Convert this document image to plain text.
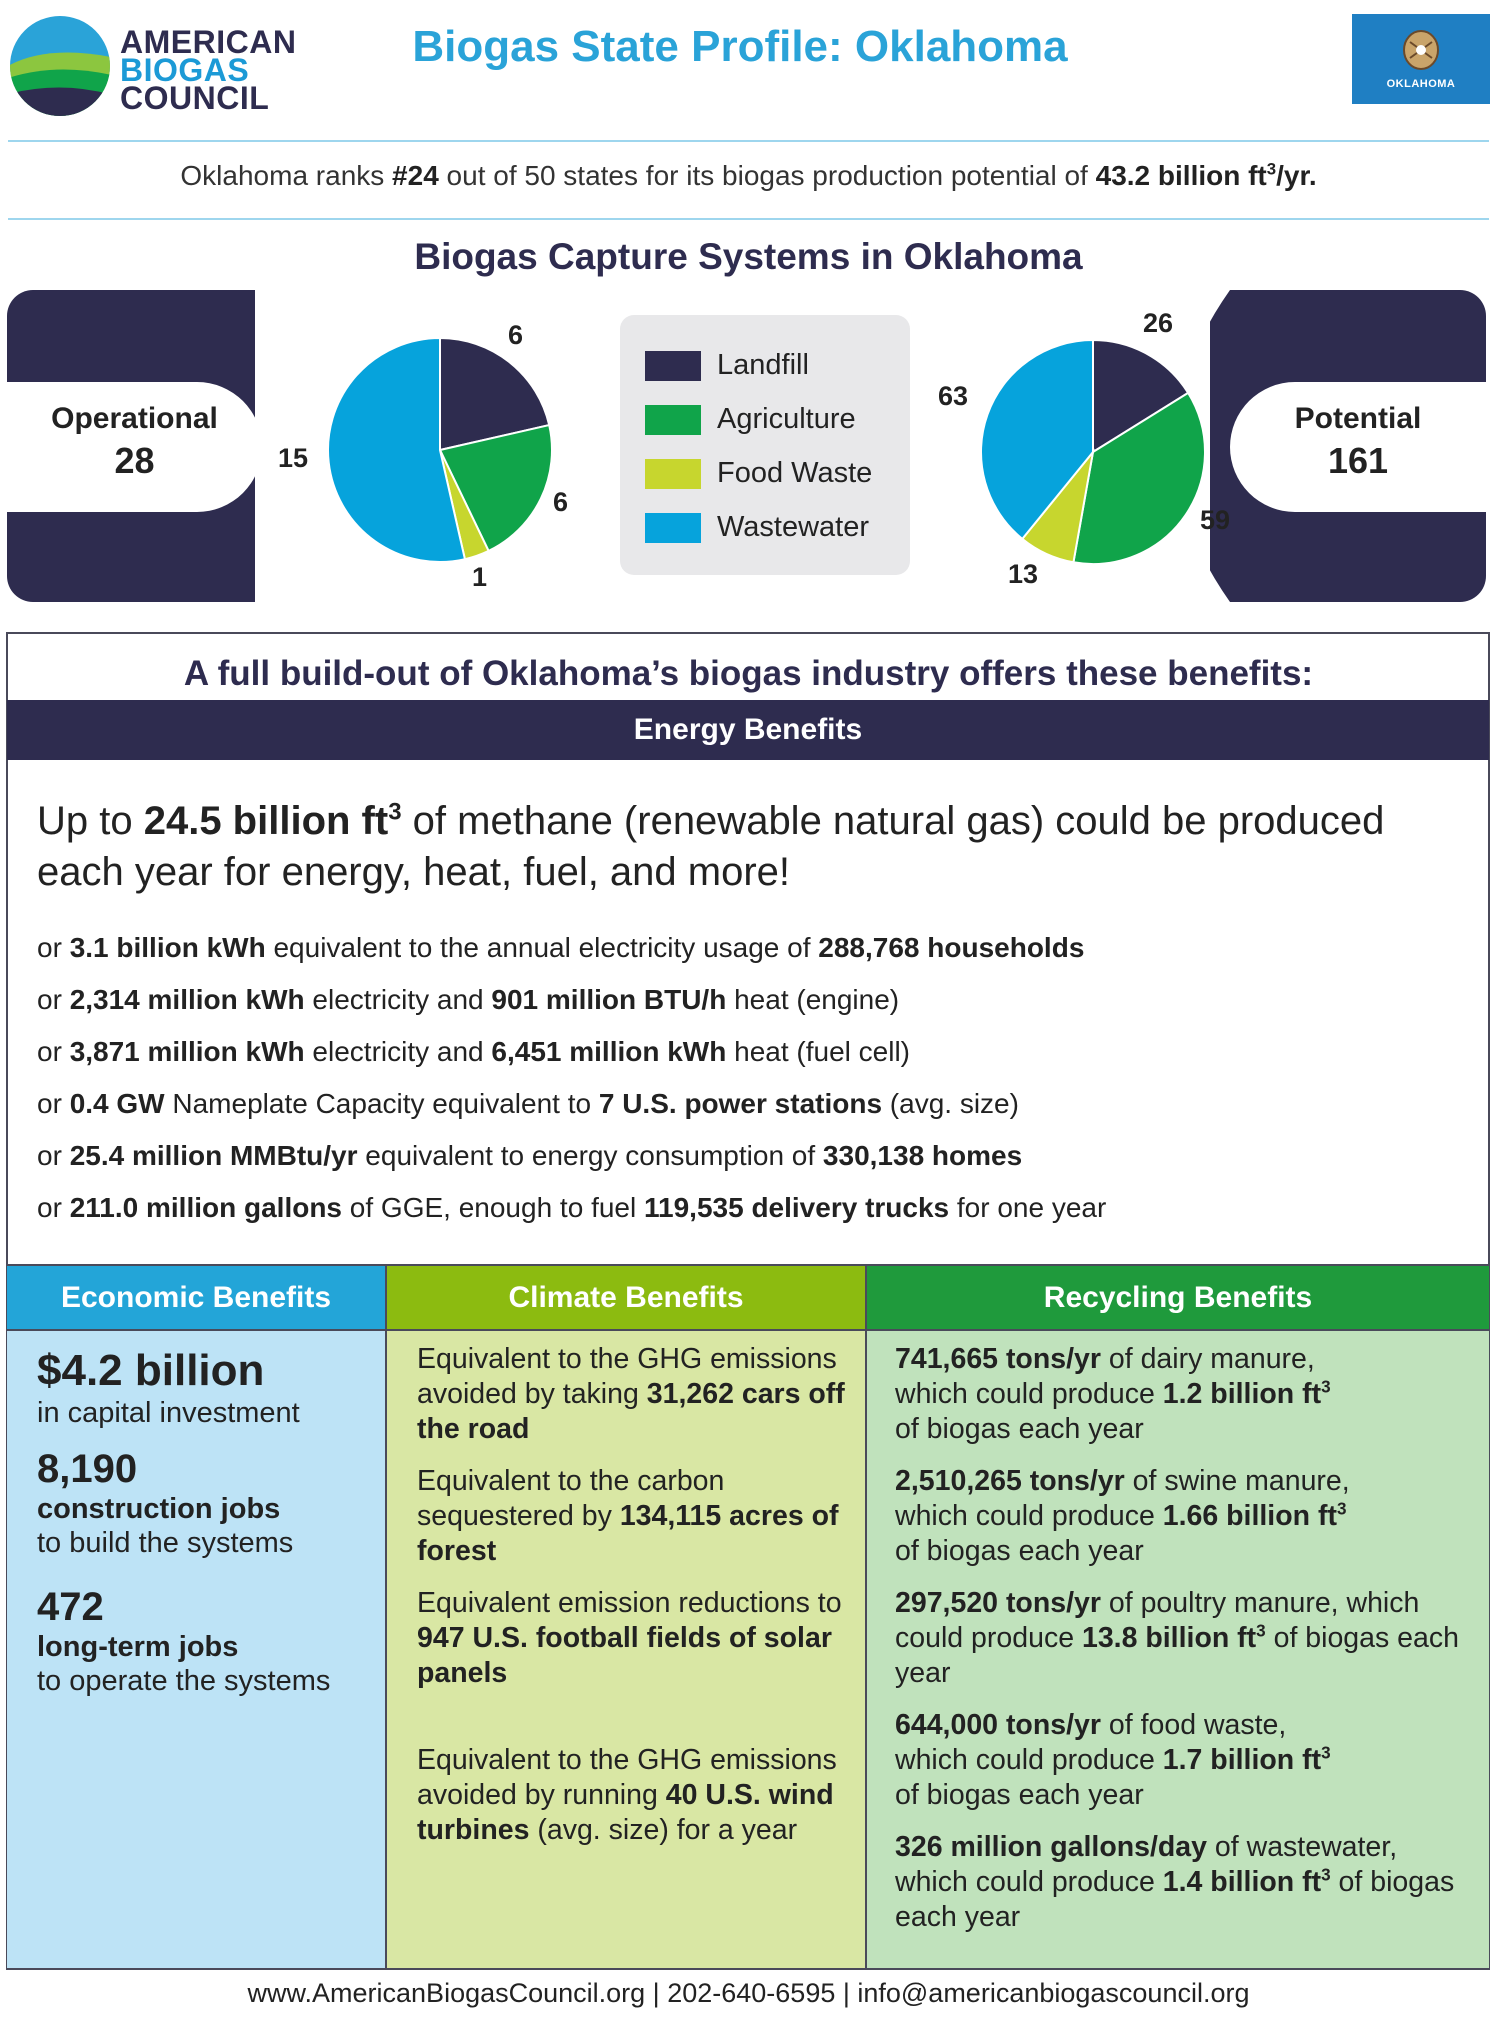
AMERICAN
BIOGAS
COUNCIL
Biogas State Profile: Oklahoma
OKLAHOMA
Oklahoma ranks #24 out of 50 states for its biogas production potential of 43.2 billion $ft^3/yr$.
Biogas Capture Systems in Oklahoma
Operational
28
Potential
161
6
6
1
15
26
59
13
63
Landfill
Agriculture
Food Waste
Wastewater
A full build-out of Oklahoma’s biogas industry offers these benefits:
Energy Benefits
Up to 24.5 billion $ft^3$ of methane (renewable natural gas) could be produced each year for energy, heat, fuel, and more!
or 3.1 billion kWh equivalent to the annual electricity usage of 288,768 households
or 2,314 million kWh electricity and 901 million BTU/h heat (engine)
or 3,871 million kWh electricity and 6,451 million kWh heat (fuel cell)
or 0.4 GW Nameplate Capacity equivalent to 7 U.S. power stations (avg. size)
or 25.4 million MMBtu/yr equivalent to energy consumption of 330,138 homes
or 211.0 million gallons of GGE, enough to fuel 119,535 delivery trucks for one year
Economic Benefits	Climate Benefits	Recycling Benefits
$4.2 billion
in capital investment
8,190
construction jobs
to build the systems
472
long-term jobs
to operate the systems
Equivalent to the GHG emissions avoided by taking 31,262 cars off the road
Equivalent to the carbon sequestered by 134,115 acres of forest
Equivalent emission reductions to 947 U.S. football fields of solar panels
Equivalent to the GHG emissions avoided by running 40 U.S. wind turbines (avg. size) for a year
741,665 tons/yr of dairy manure, which could produce 1.2 billion $ft^3$ of biogas each year
2,510,265 tons/yr of swine manure, which could produce 1.66 billion $ft^3$ of biogas each year
297,520 tons/yr of poultry manure, which could produce 13.8 billion $ft^3$ of biogas each year
644,000 tons/yr of food waste, which could produce 1.7 billion $ft^3$ of biogas each year
326 million gallons/day of wastewater, which could produce 1.4 billion $ft^3$ of biogas each year
www.AmericanBiogasCouncil.org | 202-640-6595 | info@americanbiogascouncil.org
